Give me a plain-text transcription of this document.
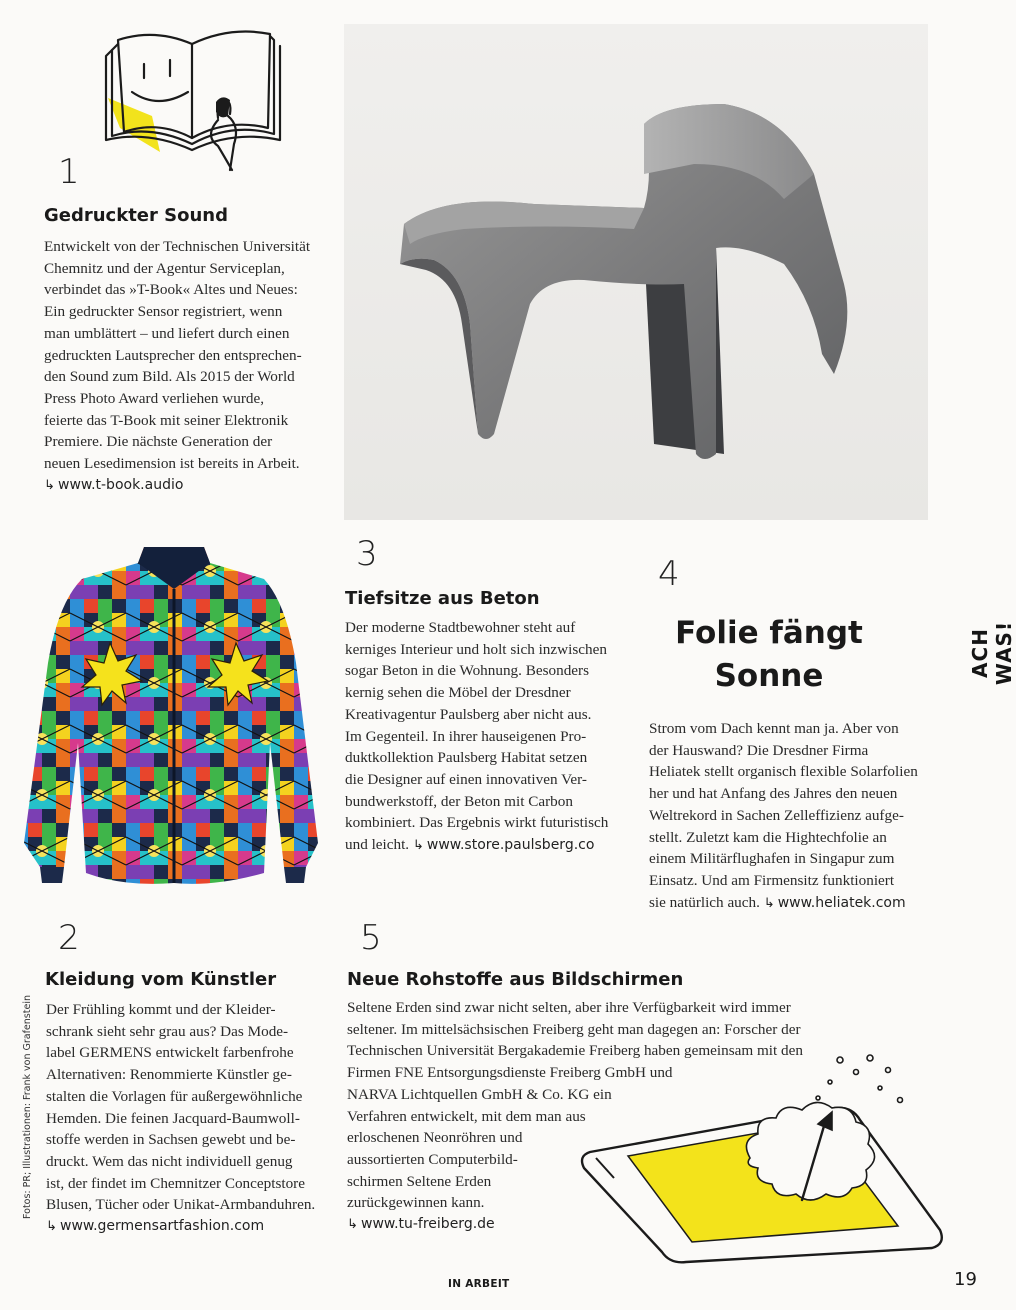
1
Gedruckter Sound
Entwickelt von der Technischen Universität
Chemnitz und der Agentur Serviceplan,
verbindet das »T-Book« Altes und Neues:
Ein gedruckter Sensor registriert, wenn
man umblättert – und liefert durch einen
gedruckten Lautsprecher den entsprechen-
den Sound zum Bild. Als 2015 der World
Press Photo Award verliehen wurde,
feierte das T-Book mit seiner Elektronik
Premiere. Die nächste Generation der
neuen Lesedimension ist bereits in Arbeit.
↳ www.t-book.audio
3
Tiefsitze aus Beton
Der moderne Stadtbewohner steht auf
kerniges Interieur und holt sich inzwischen
sogar Beton in die Wohnung. Besonders
kernig sehen die Möbel der Dresdner
Kreativagentur Paulsberg aber nicht aus.
Im Gegenteil. In ihrer hauseigenen Pro-
duktkollektion Paulsberg Habitat setzen
die Designer auf einen innovativen Ver-
bundwerkstoff, der Beton mit Carbon
kombiniert. Das Ergebnis wirkt futuristisch
und leicht. ↳ www.store.paulsberg.co
4
Folie fängt
Sonne
Strom vom Dach kennt man ja. Aber von
der Hauswand? Die Dresdner Firma
Heliatek stellt organisch flexible Solarfolien
her und hat Anfang des Jahres den neuen
Weltrekord in Sachen Zelleffizienz aufge-
stellt. Zuletzt kam die Hightechfolie an
einem Militärflughafen in Singapur zum
Einsatz. Und am Firmensitz funktioniert
sie natürlich auch. ↳ www.heliatek.com
ACH WAS!
2
Kleidung vom Künstler
Der Frühling kommt und der Kleider-
schrank sieht sehr grau aus? Das Mode-
label GERMENS entwickelt farbenfrohe
Alternativen: Renommierte Künstler ge-
stalten die Vorlagen für außergewöhnliche
Hemden. Die feinen Jacquard-Baumwoll-
stoffe werden in Sachsen gewebt und be-
druckt. Wem das nicht individuell genug
ist, der findet im Chemnitzer Conceptstore
Blusen, Tücher oder Unikat-Armbanduhren.
↳ www.germensartfashion.com
Fotos: PR; Illustrationen: Frank von Grafenstein
5
Neue Rohstoffe aus Bildschirmen
Seltene Erden sind zwar nicht selten, aber ihre Verfügbarkeit wird immer
seltener. Im mittelsächsischen Freiberg geht man dagegen an: Forscher der
Technischen Universität Bergakademie Freiberg haben gemeinsam mit den
Firmen FNE Entsorgungsdienste Freiberg GmbH und
NARVA Lichtquellen GmbH & Co. KG ein
Verfahren entwickelt, mit dem man aus
erloschenen Neonröhren und
aussortierten Computerbild-
schirmen Seltene Erden
zurückgewinnen kann.
↳ www.tu-freiberg.de
IN ARBEIT	19
